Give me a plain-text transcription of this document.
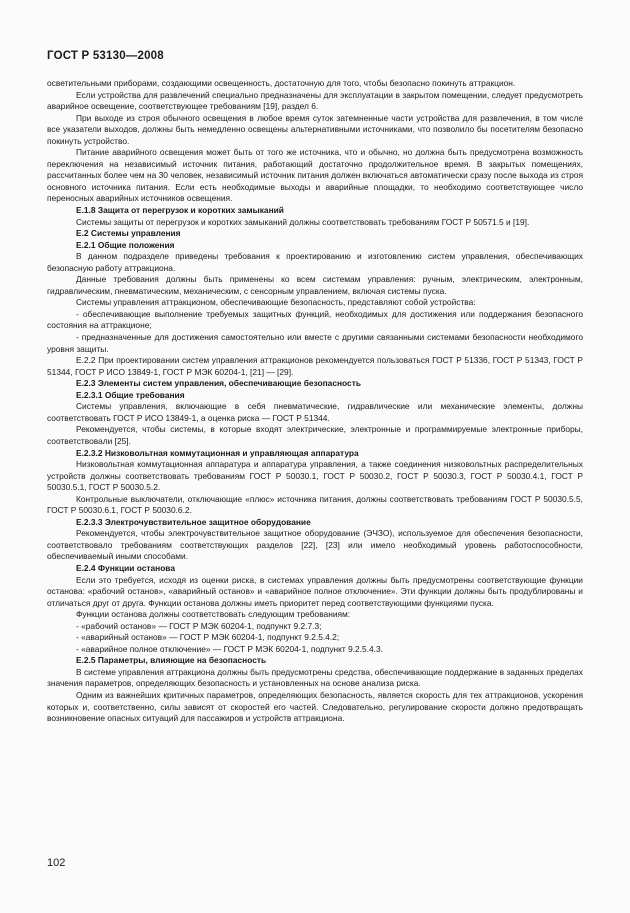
ГОСТ Р 53130—2008

осветительными приборами, создающими освещенность, достаточную для того, чтобы безопасно покинуть аттракцион.

Если устройства для развлечений специально предназначены для эксплуатации в закрытом помещении, следует предусмотреть аварийное освещение, соответствующее требованиям [19], раздел 6.

При выходе из строя обычного освещения в любое время суток затемненные части устройства для развлечения, в том числе все указатели выходов, должны быть немедленно освещены альтернативными источниками, что позволило бы посетителям безопасно покинуть устройство.

Питание аварийного освещения может быть от того же источника, что и обычно, но должна быть предусмотрена возможность переключения на независимый источник питания, работающий достаточно продолжительное время. В закрытых помещениях, рассчитанных более чем на 30 человек, независимый источник питания должен включаться автоматически сразу после выхода из строя основного источника питания. Если есть необходимые выходы и аварийные площадки, то необходимо соответствующее число переносных аварийных источников освещения.

Е.1.8 Защита от перегрузок и коротких замыканий

Системы защиты от перегрузок и коротких замыканий должны соответствовать требованиям ГОСТ Р 50571.5 и [19].

Е.2 Системы управления

Е.2.1 Общие положения

В данном подразделе приведены требования к проектированию и изготовлению систем управления, обеспечивающих безопасную работу аттракциона.

Данные требования должны быть применены ко всем системам управления: ручным, электрическим, электронным, гидравлическим, пневматическим, механическим, с сенсорным управлением, включая системы пуска.

Системы управления аттракционом, обеспечивающие безопасность, представляют собой устройства:

- обеспечивающие выполнение требуемых защитных функций, необходимых для достижения или поддержания безопасного состояния на аттракционе;

- предназначенные для достижения самостоятельно или вместе с другими связанными системами безопасности необходимого уровня защиты.

Е.2.2 При проектировании систем управления аттракционов рекомендуется пользоваться ГОСТ Р 51336, ГОСТ Р 51343, ГОСТ Р 51344, ГОСТ Р ИСО 13849-1, ГОСТ Р МЭК 60204-1, [21] — [29].

Е.2.3 Элементы систем управления, обеспечивающие безопасность

Е.2.3.1 Общие требования

Системы управления, включающие в себя пневматические, гидравлические или механические элементы, должны соответствовать ГОСТ Р ИСО 13849-1, а оценка риска — ГОСТ Р 51344.

Рекомендуется, чтобы системы, в которые входят электрические, электронные и программируемые электронные приборы, соответствовали [25].

Е.2.3.2 Низковольтная коммутационная и управляющая аппаратура

Низковольтная коммутационная аппаратура и аппаратура управления, а также соединения низковольтных распределительных устройств должны соответствовать требованиям ГОСТ Р 50030.1, ГОСТ Р 50030.2, ГОСТ Р 50030.3, ГОСТ Р 50030.4.1, ГОСТ Р 50030.5.1, ГОСТ Р 50030.5.2.

Контрольные выключатели, отключающие «плюс» источника питания, должны соответствовать требованиям ГОСТ Р 50030.5.5, ГОСТ Р 50030.6.1, ГОСТ Р 50030.6.2.

Е.2.3.3 Электрочувствительное защитное оборудование

Рекомендуется, чтобы электрочувствительное защитное оборудование (ЭЧЗО), используемое для обеспечения безопасности, соответствовало требованиям соответствующих разделов [22], [23] или имело необходимый уровень работоспособности, обеспечиваемый иными способами.

Е.2.4 Функции останова

Если это требуется, исходя из оценки риска, в системах управления должны быть предусмотрены соответствующие функции останова: «рабочий останов», «аварийный останов» и «аварийное полное отключение». Эти функции должны быть продублированы и отличаться друг от друга. Функции останова должны иметь приоритет перед соответствующими функциями пуска.

Функции останова должны соответствовать следующим требованиям:

- «рабочий останов» — ГОСТ Р МЭК 60204-1, подпункт 9.2.7.3;

- «аварийный останов» — ГОСТ Р МЭК 60204-1, подпункт 9.2.5.4.2;

- «аварийное полное отключение» — ГОСТ Р МЭК 60204-1, подпункт 9.2.5.4.3.

Е.2.5 Параметры, влияющие на безопасность

В системе управления аттракциона должны быть предусмотрены средства, обеспечивающие поддержание в заданных пределах значения параметров, определяющих безопасность и установленных на основе анализа риска.

Одним из важнейших критичных параметров, определяющих безопасность, является скорость для тех аттракционов, ускорения которых и, соответственно, силы зависят от скоростей его частей. Следовательно, регулирование скорости должно предотвращать возникновение опасных ситуаций для пассажиров и устройств аттракциона.

102
